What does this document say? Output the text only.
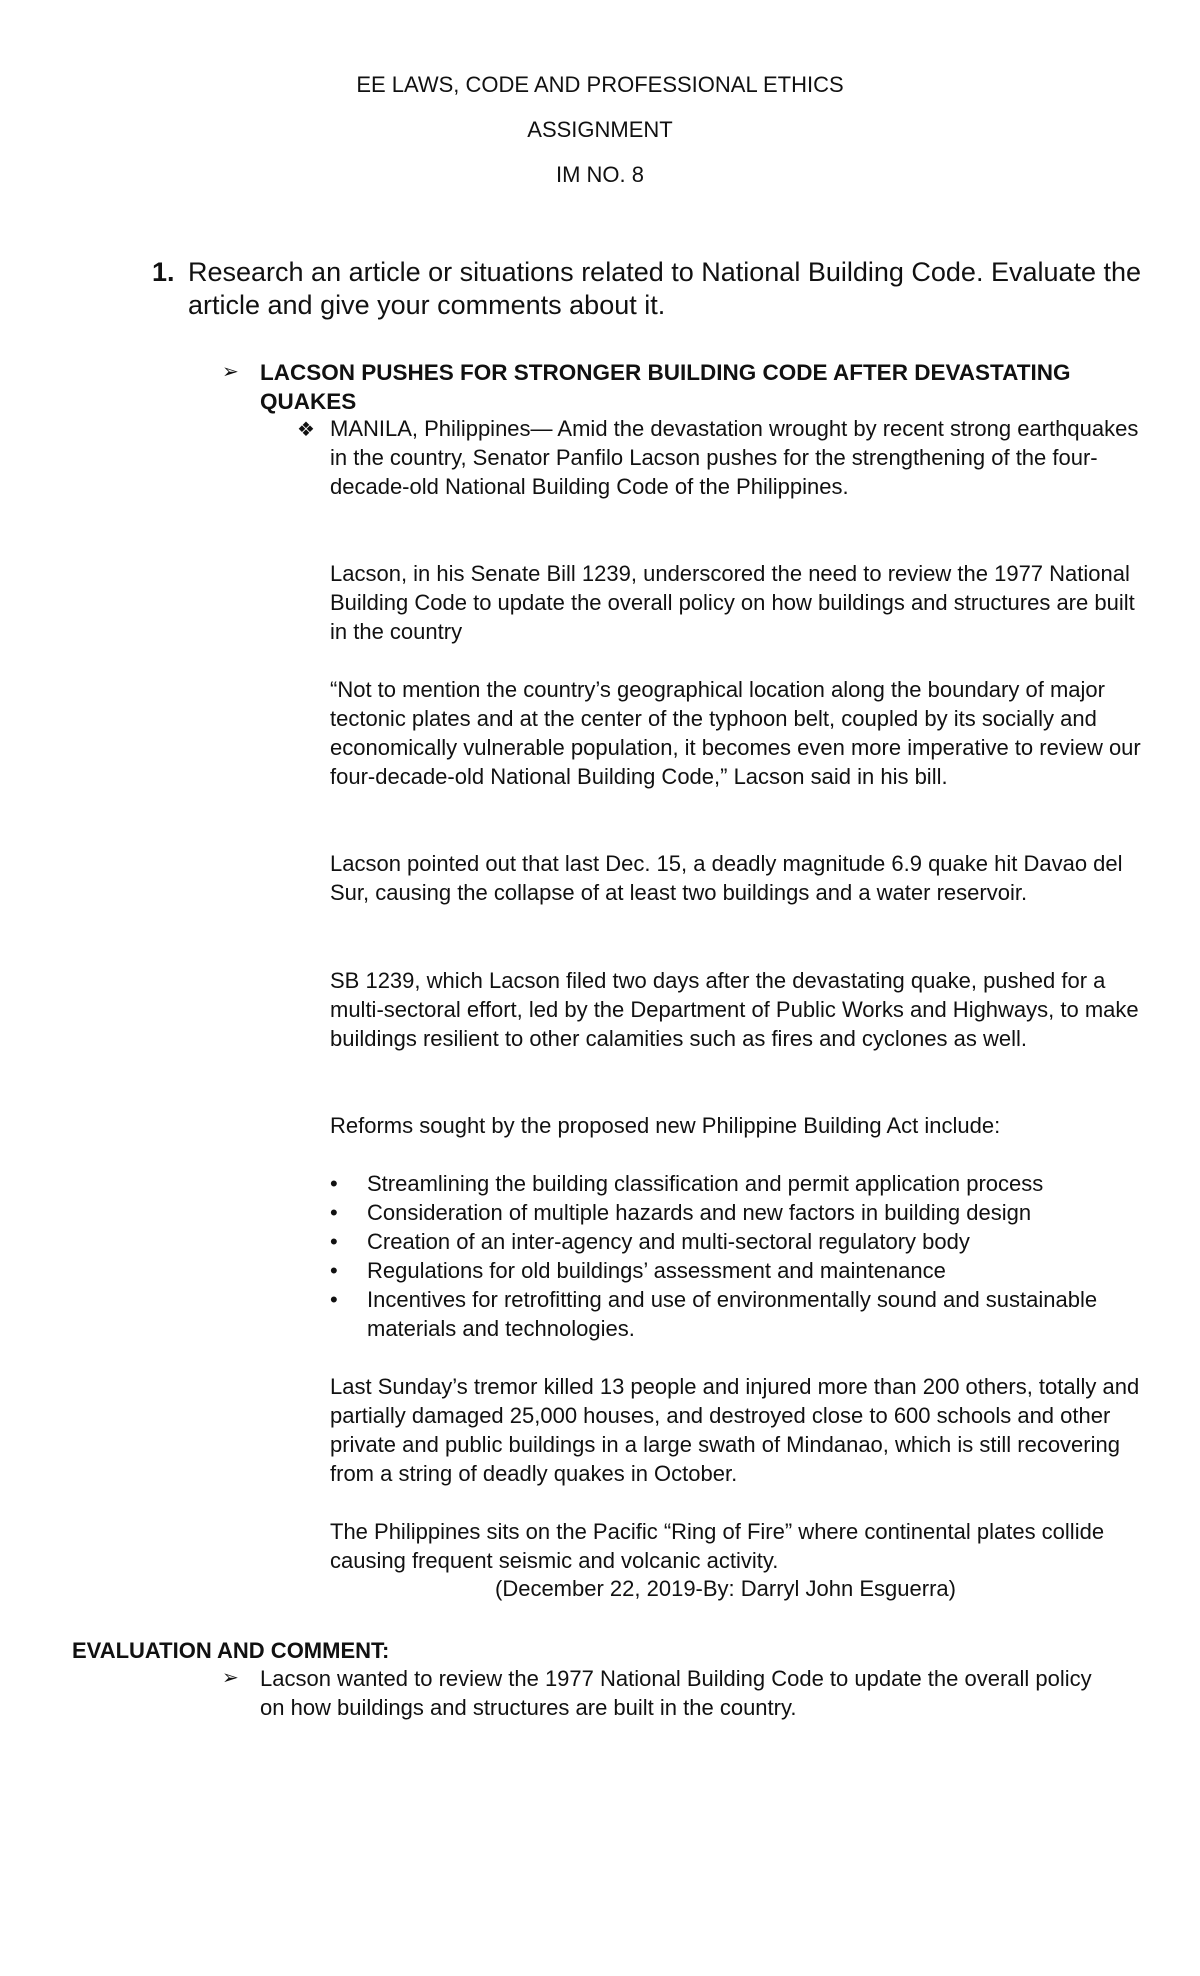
EE LAWS, CODE AND PROFESSIONAL ETHICS
ASSIGNMENT
IM NO. 8
1. Research an article or situations related to National Building Code. Evaluate the article and give your comments about it.
➢ LACSON PUSHES FOR STRONGER BUILDING CODE AFTER DEVASTATING QUAKES
❖ MANILA, Philippines— Amid the devastation wrought by recent strong earthquakes in the country, Senator Panfilo Lacson pushes for the strengthening of the four-decade-old National Building Code of the Philippines.
Lacson, in his Senate Bill 1239, underscored the need to review the 1977 National Building Code to update the overall policy on how buildings and structures are built in the country
“Not to mention the country’s geographical location along the boundary of major tectonic plates and at the center of the typhoon belt, coupled by its socially and economically vulnerable population, it becomes even more imperative to review our four-decade-old National Building Code,” Lacson said in his bill.
Lacson pointed out that last Dec. 15, a deadly magnitude 6.9 quake hit Davao del Sur, causing the collapse of at least two buildings and a water reservoir.
SB 1239, which Lacson filed two days after the devastating quake, pushed for a multi-sectoral effort, led by the Department of Public Works and Highways, to make buildings resilient to other calamities such as fires and cyclones as well.
Reforms sought by the proposed new Philippine Building Act include:
• Streamlining the building classification and permit application process
• Consideration of multiple hazards and new factors in building design
• Creation of an inter-agency and multi-sectoral regulatory body
• Regulations for old buildings’ assessment and maintenance
• Incentives for retrofitting and use of environmentally sound and sustainable materials and technologies.
Last Sunday’s tremor killed 13 people and injured more than 200 others, totally and partially damaged 25,000 houses, and destroyed close to 600 schools and other private and public buildings in a large swath of Mindanao, which is still recovering from a string of deadly quakes in October.
The Philippines sits on the Pacific “Ring of Fire” where continental plates collide causing frequent seismic and volcanic activity.
(December 22, 2019-By: Darryl John Esguerra)
EVALUATION AND COMMENT:
➢ Lacson wanted to review the 1977 National Building Code to update the overall policy on how buildings and structures are built in the country.
